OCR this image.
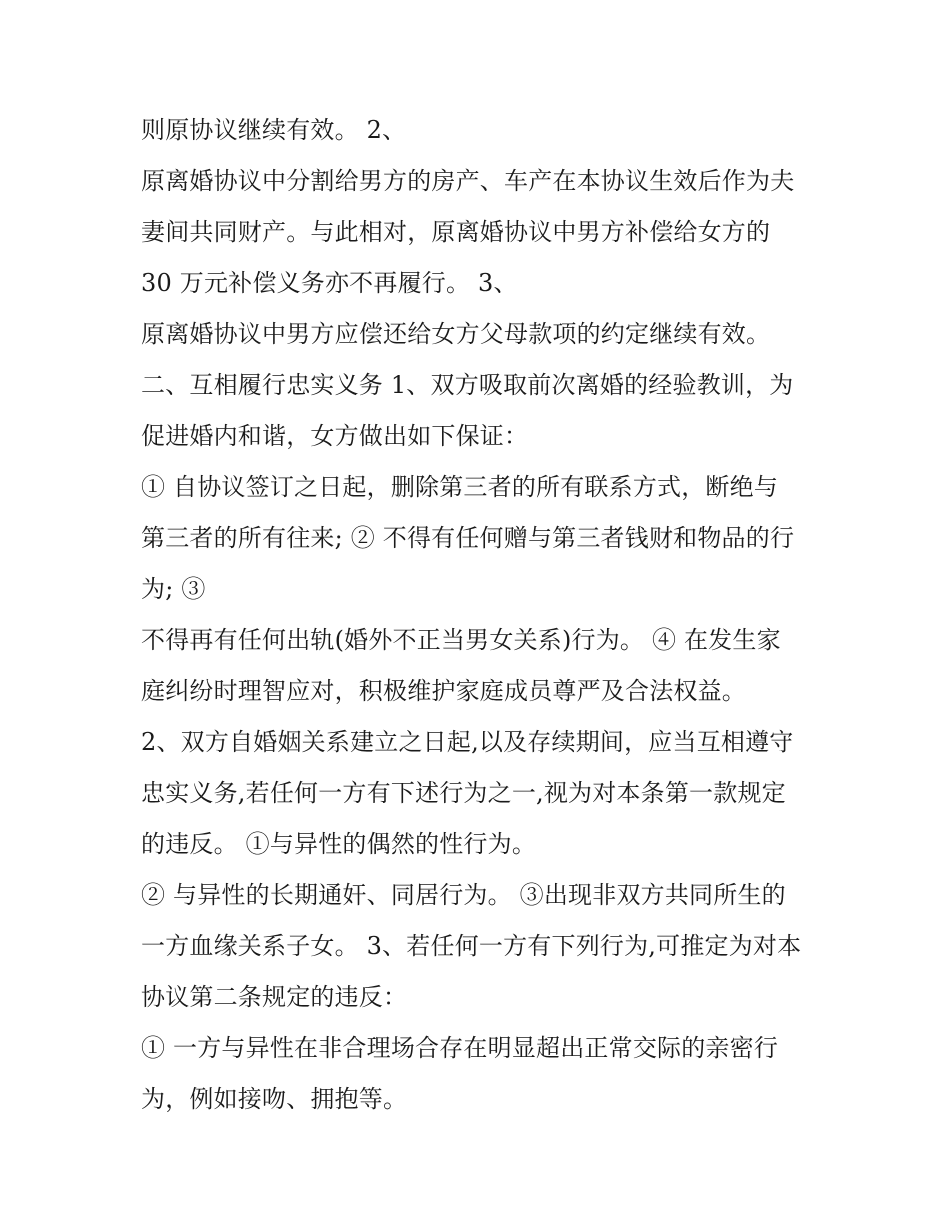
则原协议继续有效。 2、
原离婚协议中分割给男方的房产、车产在本协议生效后作为夫
妻间共同财产。与此相对，原离婚协议中男方补偿给女方的
30 万元补偿义务亦不再履行。 3、
原离婚协议中男方应偿还给女方父母款项的约定继续有效。
二、互相履行忠实义务 1、双方吸取前次离婚的经验教训，为
促进婚内和谐，女方做出如下保证：
① 自协议签订之日起，删除第三者的所有联系方式，断绝与
第三者的所有往来; ② 不得有任何赠与第三者钱财和物品的行
为; ③
不得再有任何出轨(婚外不正当男女关系)行为。 ④ 在发生家
庭纠纷时理智应对，积极维护家庭成员尊严及合法权益。
2、双方自婚姻关系建立之日起,以及存续期间，应当互相遵守
忠实义务,若任何一方有下述行为之一,视为对本条第一款规定
的违反。 ①与异性的偶然的性行为。
② 与异性的长期通奸、同居行为。 ③出现非双方共同所生的
一方血缘关系子女。 3、若任何一方有下列行为,可推定为对本
协议第二条规定的违反：
① 一方与异性在非合理场合存在明显超出正常交际的亲密行
为，例如接吻、拥抱等。
